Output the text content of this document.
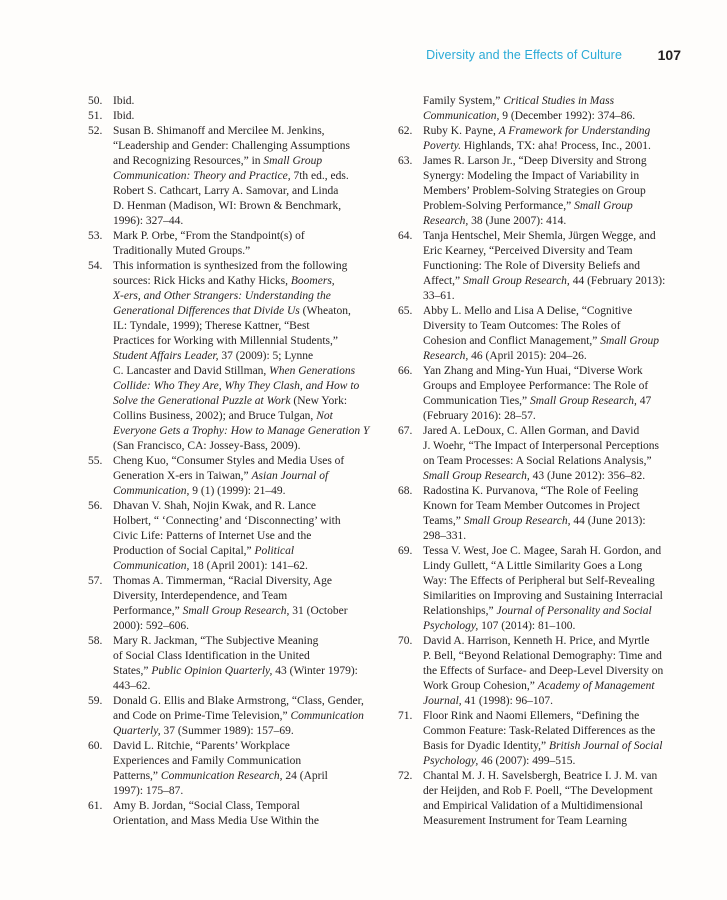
Diversity and the Effects of Culture	107
50. Ibid.
51. Ibid.
52. Susan B. Shimanoff and Mercilee M. Jenkins,
“Leadership and Gender: Challenging Assumptions
and Recognizing Resources,” in Small Group
Communication: Theory and Practice, 7th ed., eds.
Robert S. Cathcart, Larry A. Samovar, and Linda
D. Henman (Madison, WI: Brown & Benchmark,
1996): 327–44.
53. Mark P. Orbe, “From the Standpoint(s) of
Traditionally Muted Groups.”
54. This information is synthesized from the following
sources: Rick Hicks and Kathy Hicks, Boomers,
X-ers, and Other Strangers: Understanding the
Generational Differences that Divide Us (Wheaton,
IL: Tyndale, 1999); Therese Kattner, “Best
Practices for Working with Millennial Students,”
Student Affairs Leader, 37 (2009): 5; Lynne
C. Lancaster and David Stillman, When Generations
Collide: Who They Are, Why They Clash, and How to
Solve the Generational Puzzle at Work (New York:
Collins Business, 2002); and Bruce Tulgan, Not
Everyone Gets a Trophy: How to Manage Generation Y
(San Francisco, CA: Jossey-Bass, 2009).
55. Cheng Kuo, “Consumer Styles and Media Uses of
Generation X-ers in Taiwan,” Asian Journal of
Communication, 9 (1) (1999): 21–49.
56. Dhavan V. Shah, Nojin Kwak, and R. Lance
Holbert, “ ‘Connecting’ and ‘Disconnecting’ with
Civic Life: Patterns of Internet Use and the
Production of Social Capital,” Political
Communication, 18 (April 2001): 141–62.
57. Thomas A. Timmerman, “Racial Diversity, Age
Diversity, Interdependence, and Team
Performance,” Small Group Research, 31 (October
2000): 592–606.
58. Mary R. Jackman, “The Subjective Meaning
of Social Class Identification in the United
States,” Public Opinion Quarterly, 43 (Winter 1979):
443–62.
59. Donald G. Ellis and Blake Armstrong, “Class, Gender,
and Code on Prime-Time Television,” Communication
Quarterly, 37 (Summer 1989): 157–69.
60. David L. Ritchie, “Parents’ Workplace
Experiences and Family Communication
Patterns,” Communication Research, 24 (April
1997): 175–87.
61. Amy B. Jordan, “Social Class, Temporal
Orientation, and Mass Media Use Within the
Family System,” Critical Studies in Mass
Communication, 9 (December 1992): 374–86.
62. Ruby K. Payne, A Framework for Understanding
Poverty. Highlands, TX: aha! Process, Inc., 2001.
63. James R. Larson Jr., “Deep Diversity and Strong
Synergy: Modeling the Impact of Variability in
Members’ Problem-Solving Strategies on Group
Problem-Solving Performance,” Small Group
Research, 38 (June 2007): 414.
64. Tanja Hentschel, Meir Shemla, Jürgen Wegge, and
Eric Kearney, “Perceived Diversity and Team
Functioning: The Role of Diversity Beliefs and
Affect,” Small Group Research, 44 (February 2013):
33–61.
65. Abby L. Mello and Lisa A Delise, “Cognitive
Diversity to Team Outcomes: The Roles of
Cohesion and Conflict Management,” Small Group
Research, 46 (April 2015): 204–26.
66. Yan Zhang and Ming-Yun Huai, “Diverse Work
Groups and Employee Performance: The Role of
Communication Ties,” Small Group Research, 47
(February 2016): 28–57.
67. Jared A. LeDoux, C. Allen Gorman, and David
J. Woehr, “The Impact of Interpersonal Perceptions
on Team Processes: A Social Relations Analysis,”
Small Group Research, 43 (June 2012): 356–82.
68. Radostina K. Purvanova, “The Role of Feeling
Known for Team Member Outcomes in Project
Teams,” Small Group Research, 44 (June 2013):
298–331.
69. Tessa V. West, Joe C. Magee, Sarah H. Gordon, and
Lindy Gullett, “A Little Similarity Goes a Long
Way: The Effects of Peripheral but Self-Revealing
Similarities on Improving and Sustaining Interracial
Relationships,” Journal of Personality and Social
Psychology, 107 (2014): 81–100.
70. David A. Harrison, Kenneth H. Price, and Myrtle
P. Bell, “Beyond Relational Demography: Time and
the Effects of Surface- and Deep-Level Diversity on
Work Group Cohesion,” Academy of Management
Journal, 41 (1998): 96–107.
71. Floor Rink and Naomi Ellemers, “Defining the
Common Feature: Task-Related Differences as the
Basis for Dyadic Identity,” British Journal of Social
Psychology, 46 (2007): 499–515.
72. Chantal M. J. H. Savelsbergh, Beatrice I. J. M. van
der Heijden, and Rob F. Poell, “The Development
and Empirical Validation of a Multidimensional
Measurement Instrument for Team Learning
